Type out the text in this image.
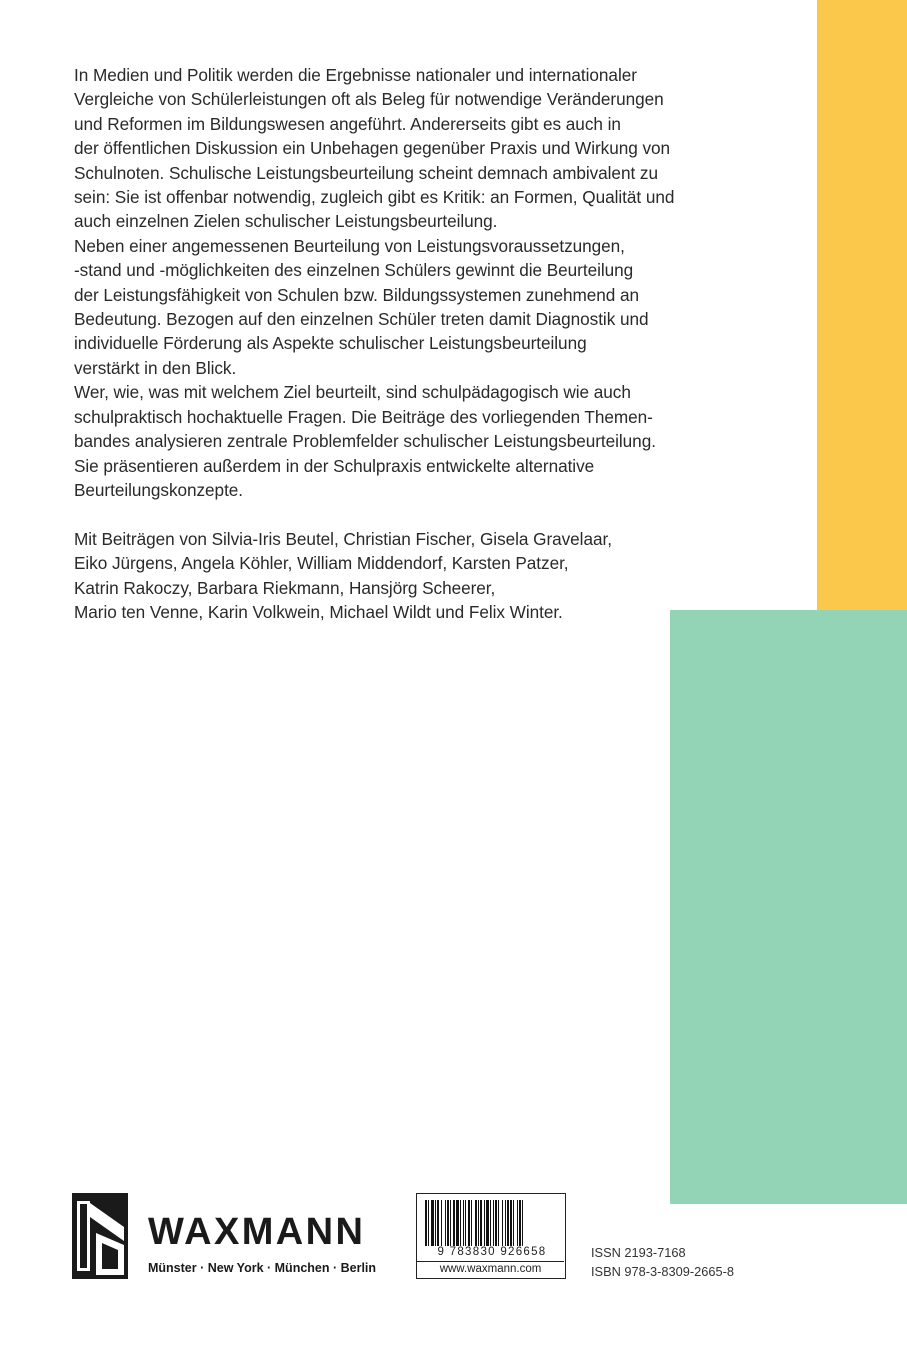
In Medien und Politik werden die Ergebnisse nationaler und internationaler

Vergleiche von Schülerleistungen oft als Beleg für notwendige Veränderungen

und Reformen im Bildungswesen angeführt. Andererseits gibt es auch in

der öffentlichen Diskussion ein Unbehagen gegenüber Praxis und Wirkung von

Schulnoten. Schulische Leistungsbeurteilung scheint demnach ambivalent zu

sein: Sie ist offenbar notwendig, zugleich gibt es Kritik: an Formen, Qualität und

auch einzelnen Zielen schulischer Leistungsbeurteilung.

Neben einer angemessenen Beurteilung von Leistungsvoraussetzungen,

-stand und -möglichkeiten des einzelnen Schülers gewinnt die Beurteilung

der Leistungsfähigkeit von Schulen bzw. Bildungssystemen zunehmend an

Bedeutung. Bezogen auf den einzelnen Schüler treten damit Diagnostik und

individuelle Förderung als Aspekte schulischer Leistungsbeurteilung

verstärkt in den Blick.

Wer, wie, was mit welchem Ziel beurteilt, sind schulpädagogisch wie auch

schulpraktisch hochaktuelle Fragen. Die Beiträge des vorliegenden Themen-

bandes analysieren zentrale Problemfelder schulischer Leistungsbeurteilung.

Sie präsentieren außerdem in der Schulpraxis entwickelte alternative

Beurteilungskonzepte.

Mit Beiträgen von Silvia-Iris Beutel, Christian Fischer, Gisela Gravelaar,

Eiko Jürgens, Angela Köhler, William Middendorf, Karsten Patzer,

Katrin Rakoczy, Barbara Riekmann, Hansjörg Scheerer,

Mario ten Venne, Karin Volkwein, Michael Wildt und Felix Winter.

WAXMANN
Münster · New York · München · Berlin
9 783830 926658
www.waxmann.com
ISSN 2193-7168
ISBN 978-3-8309-2665-8
